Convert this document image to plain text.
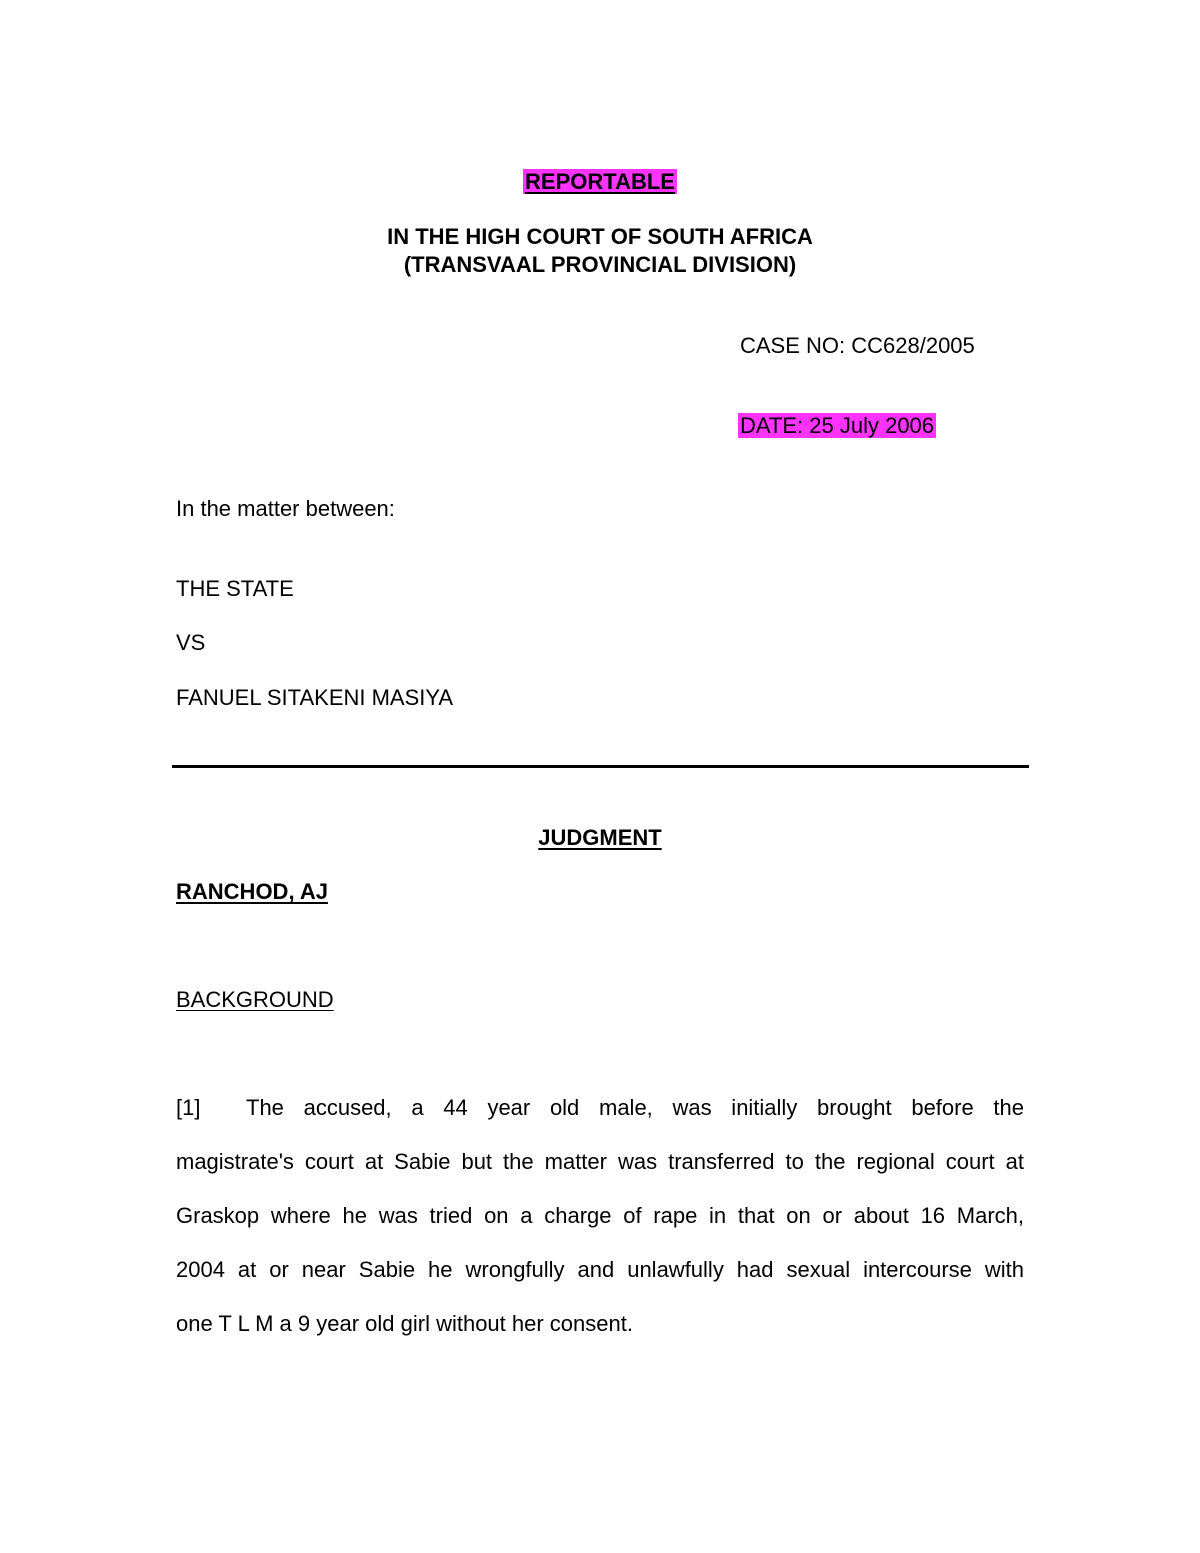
REPORTABLE
IN THE HIGH COURT OF SOUTH AFRICA
(TRANSVAAL PROVINCIAL DIVISION)
CASE NO: CC628/2005
DATE: 25 July 2006
In the matter between:
THE STATE
VS
FANUEL SITAKENI MASIYA
JUDGMENT
RANCHOD, AJ
BACKGROUND
[1] The accused, a 44 year old male, was initially brought before the
magistrate's court at Sabie but the matter was transferred to the regional court at
Graskop where he was tried on a charge of rape in that on or about 16 March,
2004 at or near Sabie he wrongfully and unlawfully had sexual intercourse with
one T L M a 9 year old girl without her consent.
